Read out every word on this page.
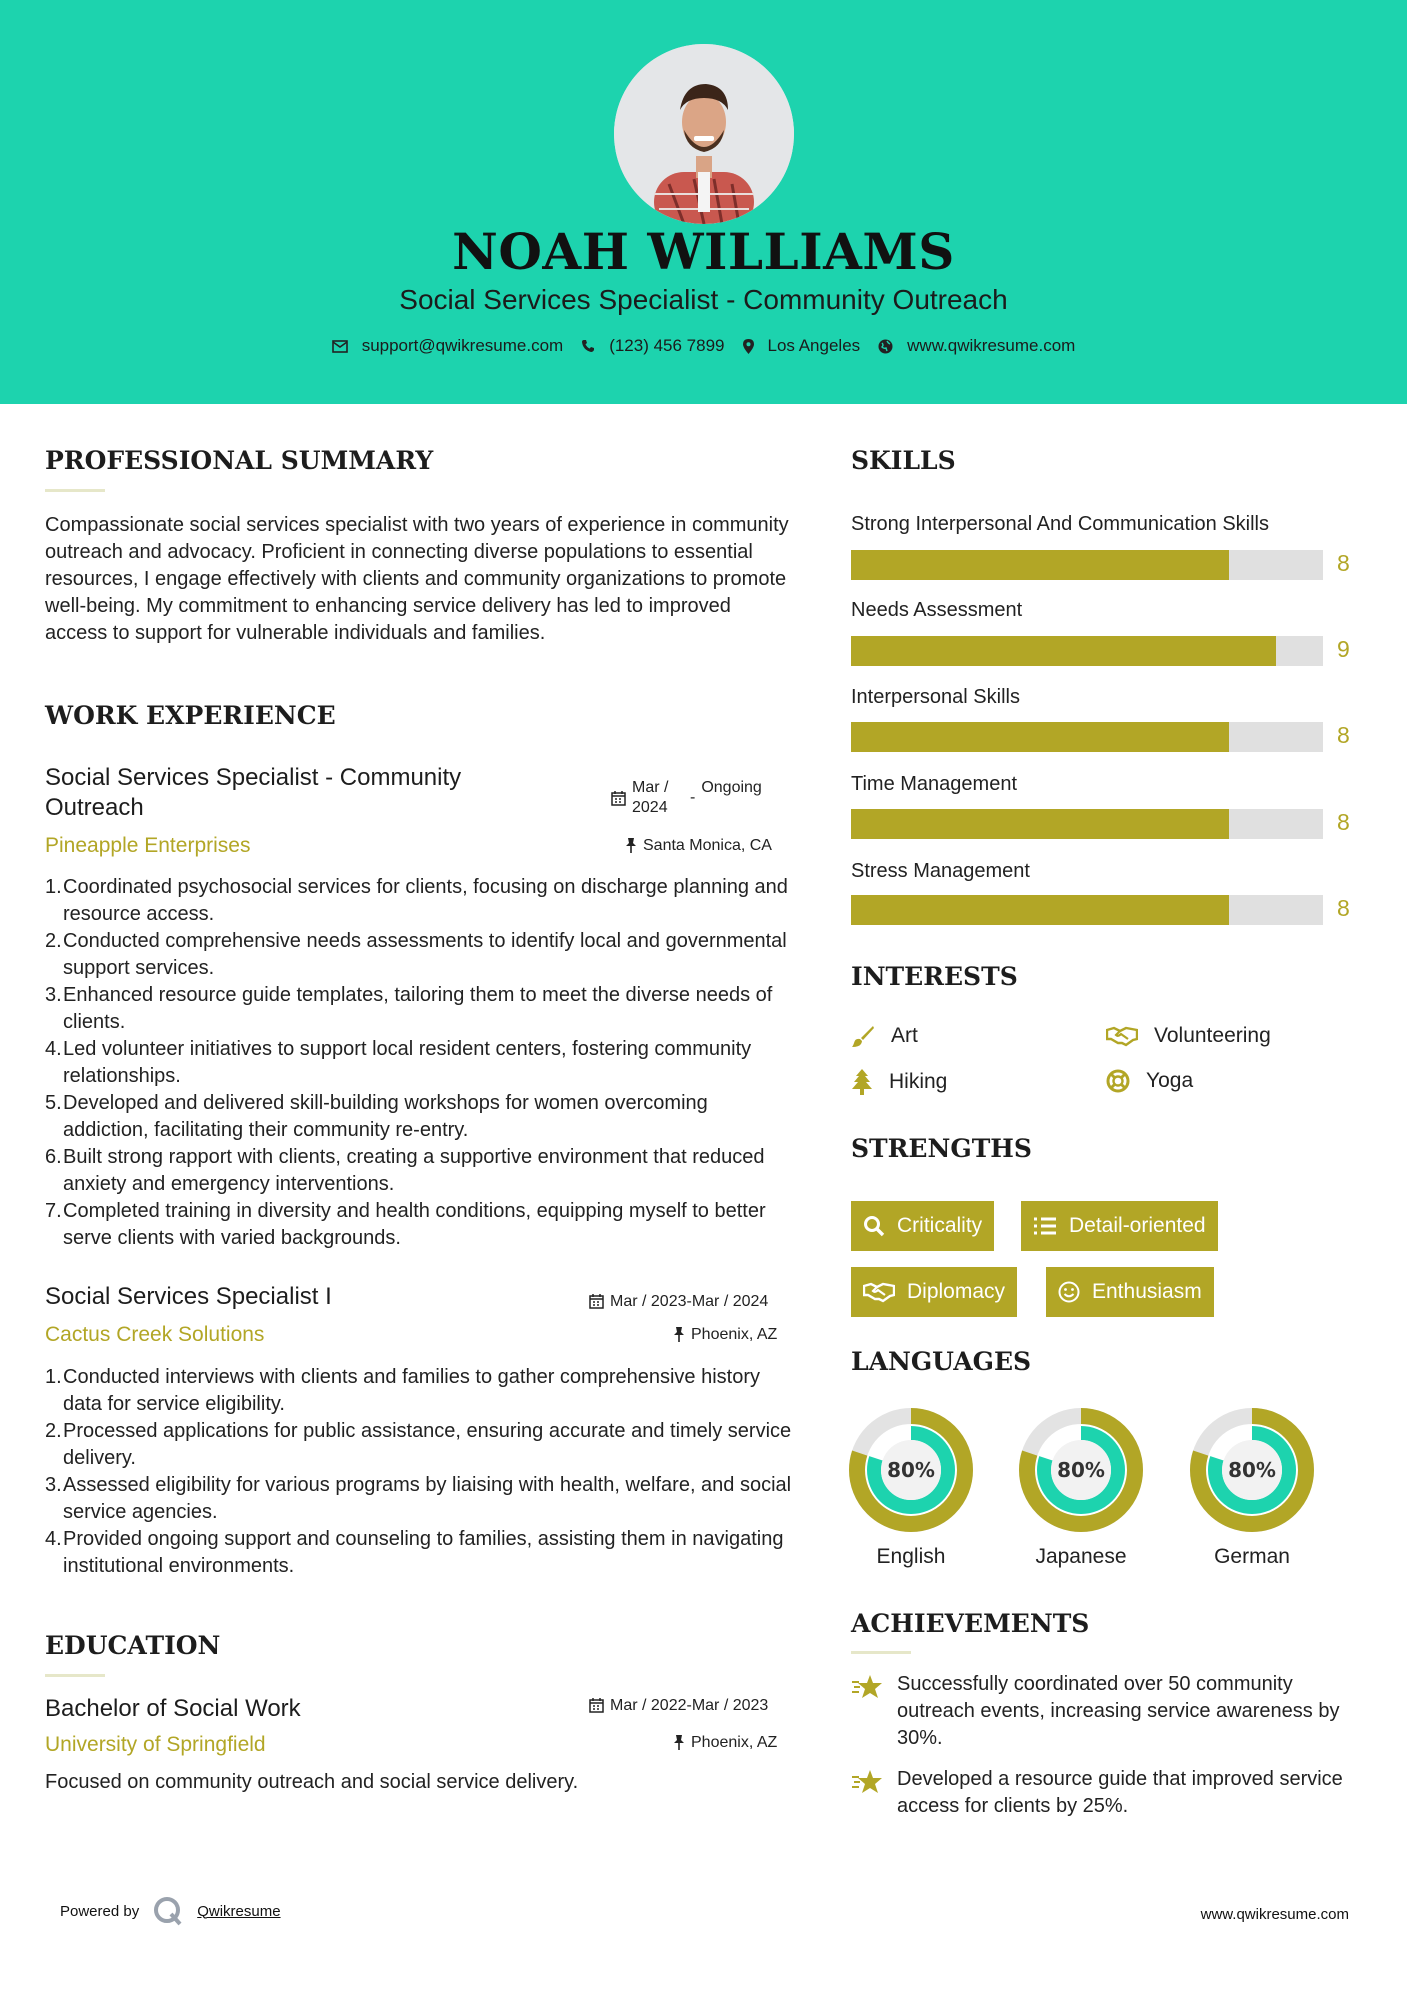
NOAH WILLIAMS
Social Services Specialist - Community Outreach
support@qwikresume.com	(123) 456 7899	Los Angeles	www.qwikresume.com
PROFESSIONAL SUMMARY
Compassionate social services specialist with two years of experience in community outreach and advocacy. Proficient in connecting diverse populations to essential resources, I engage effectively with clients and community organizations to promote well-being. My commitment to enhancing service delivery has led to improved access to support for vulnerable individuals and families.
WORK EXPERIENCE
Social Services Specialist - Community Outreach
Mar / 2024
-
Ongoing
Pineapple Enterprises	Santa Monica, CA
1. Coordinated psychosocial services for clients, focusing on discharge planning and resource access.
2. Conducted comprehensive needs assessments to identify local and governmental support services.
3. Enhanced resource guide templates, tailoring them to meet the diverse needs of clients.
4. Led volunteer initiatives to support local resident centers, fostering community relationships.
5. Developed and delivered skill-building workshops for women overcoming addiction, facilitating their community re-entry.
6. Built strong rapport with clients, creating a supportive environment that reduced anxiety and emergency interventions.
7. Completed training in diversity and health conditions, equipping myself to better serve clients with varied backgrounds.
Social Services Specialist I	Mar / 2023-Mar / 2024
Cactus Creek Solutions	Phoenix, AZ
1. Conducted interviews with clients and families to gather comprehensive history data for service eligibility.
2. Processed applications for public assistance, ensuring accurate and timely service delivery.
3. Assessed eligibility for various programs by liaising with health, welfare, and social service agencies.
4. Provided ongoing support and counseling to families, assisting them in navigating institutional environments.
EDUCATION
Bachelor of Social Work	Mar / 2022-Mar / 2023
University of Springfield	Phoenix, AZ
Focused on community outreach and social service delivery.
SKILLS
Strong Interpersonal And Communication Skills
8
Needs Assessment
9
Interpersonal Skills
8
Time Management
8
Stress Management
8
INTERESTS
Art	Volunteering
Hiking	Yoga
STRENGTHS
Criticality	Detail-oriented
Diplomacy	Enthusiasm
LANGUAGES
80%
English
80%
Japanese
80%
German
ACHIEVEMENTS
Successfully coordinated over 50 community outreach events, increasing service awareness by 30%.
Developed a resource guide that improved service access for clients by 25%.
Powered by	Qwikresume	www.qwikresume.com
